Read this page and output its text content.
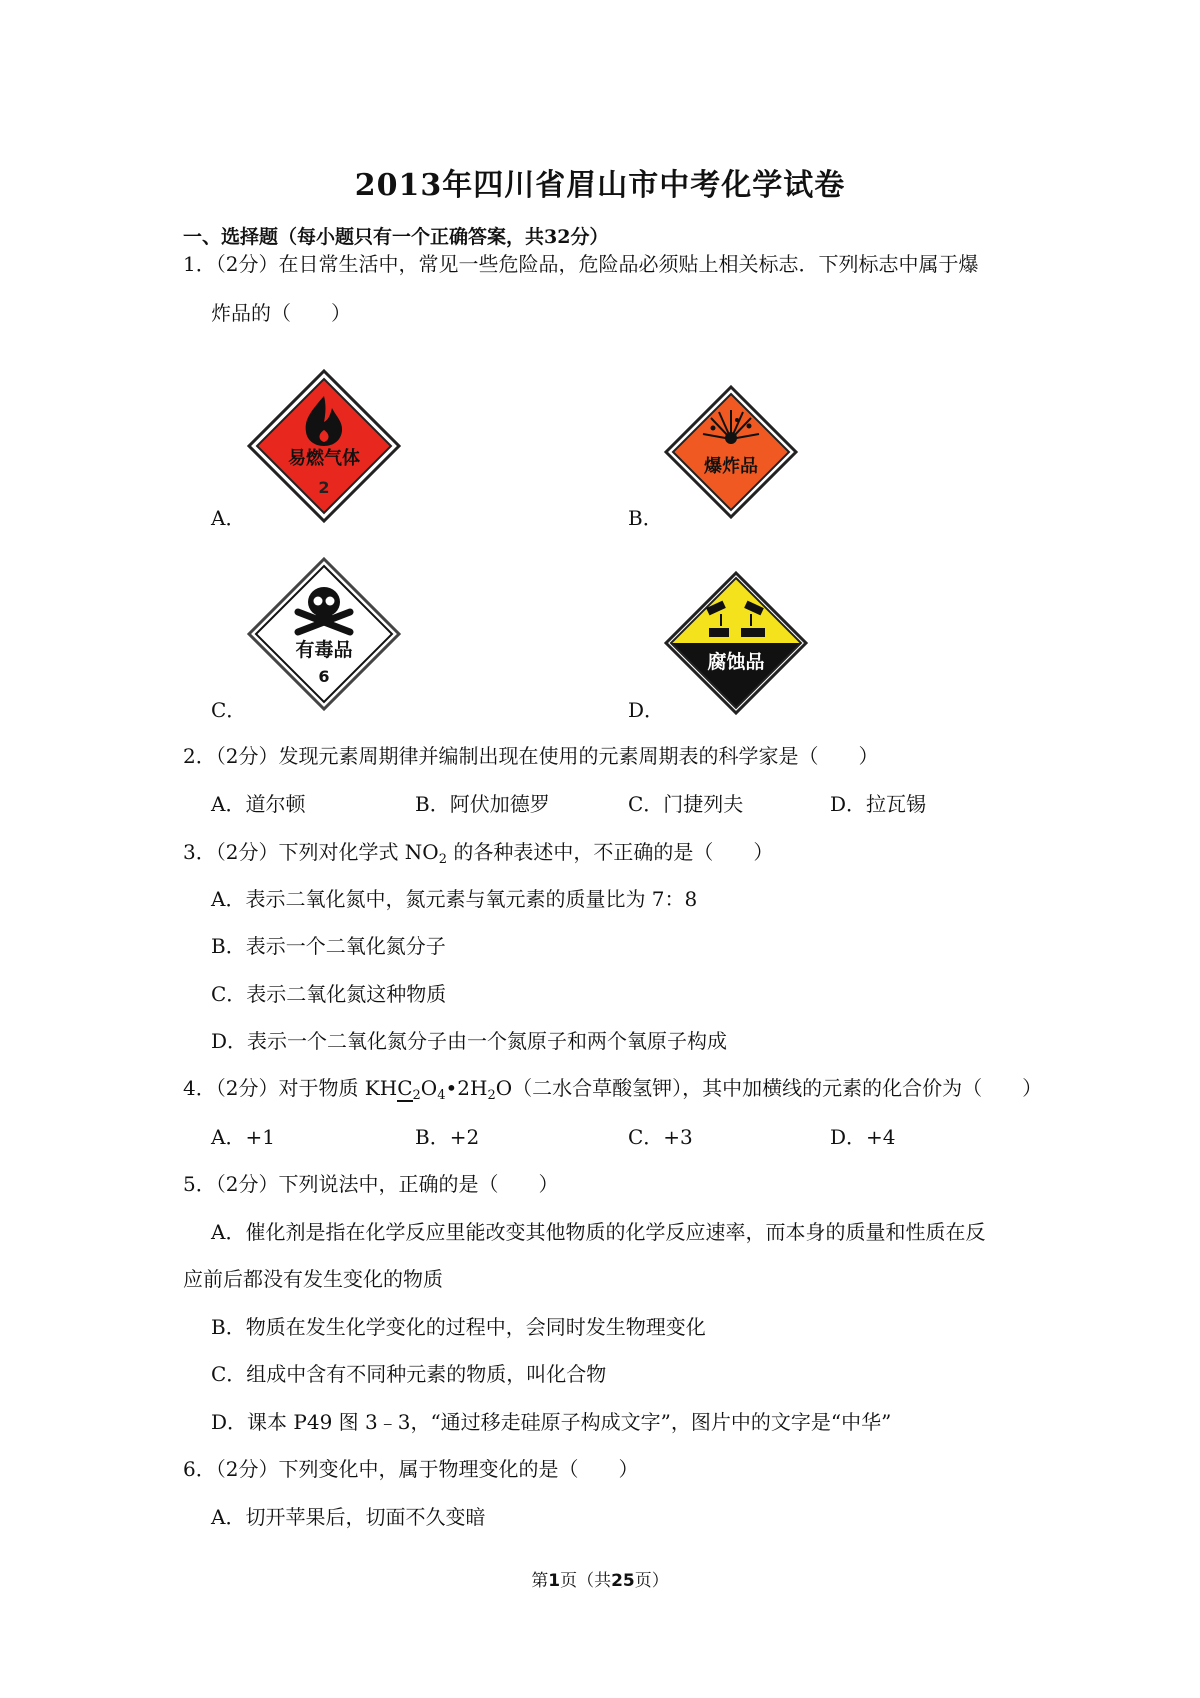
2013年四川省眉山市中考化学试卷
一、选择题（每小题只有一个正确答案，共32分）
1．（2分）在日常生活中，常见一些危险品，危险品必须贴上相关标志．下列标志中属于爆
炸品的（　　）
易燃气体
2
A．
爆炸品
B．
有毒品
6
C．
腐蚀品
D．
2．（2分）发现元素周期律并编制出现在使用的元素周期表的科学家是（　　）
A．道尔顿	B．阿伏加德罗	C．门捷列夫	D．拉瓦锡
3．（2分）下列对化学式 $NO_2$ 的各种表述中，不正确的是（　　）
A．表示二氧化氮中，氮元素与氧元素的质量比为 7：8
B．表示一个二氧化氮分子
C．表示二氧化氮这种物质
D．表示一个二氧化氮分子由一个氮原子和两个氧原子构成
4．（2分）对于物质 $KHC_2O_4•2H_2O$（二水合草酸氢钾），其中加横线的元素的化合价为（　　）
A．+1	B．+2	C．+3	D．+4
5．（2分）下列说法中，正确的是（　　）
A．催化剂是指在化学反应里能改变其他物质的化学反应速率，而本身的质量和性质在反
应前后都没有发生变化的物质
B．物质在发生化学变化的过程中，会同时发生物理变化
C．组成中含有不同种元素的物质，叫化合物
D．课本 P49 图 3﹣3，“通过移走硅原子构成文字”，图片中的文字是“中华”
6．（2分）下列变化中，属于物理变化的是（　　）
A．切开苹果后，切面不久变暗
第1页（共25页）
